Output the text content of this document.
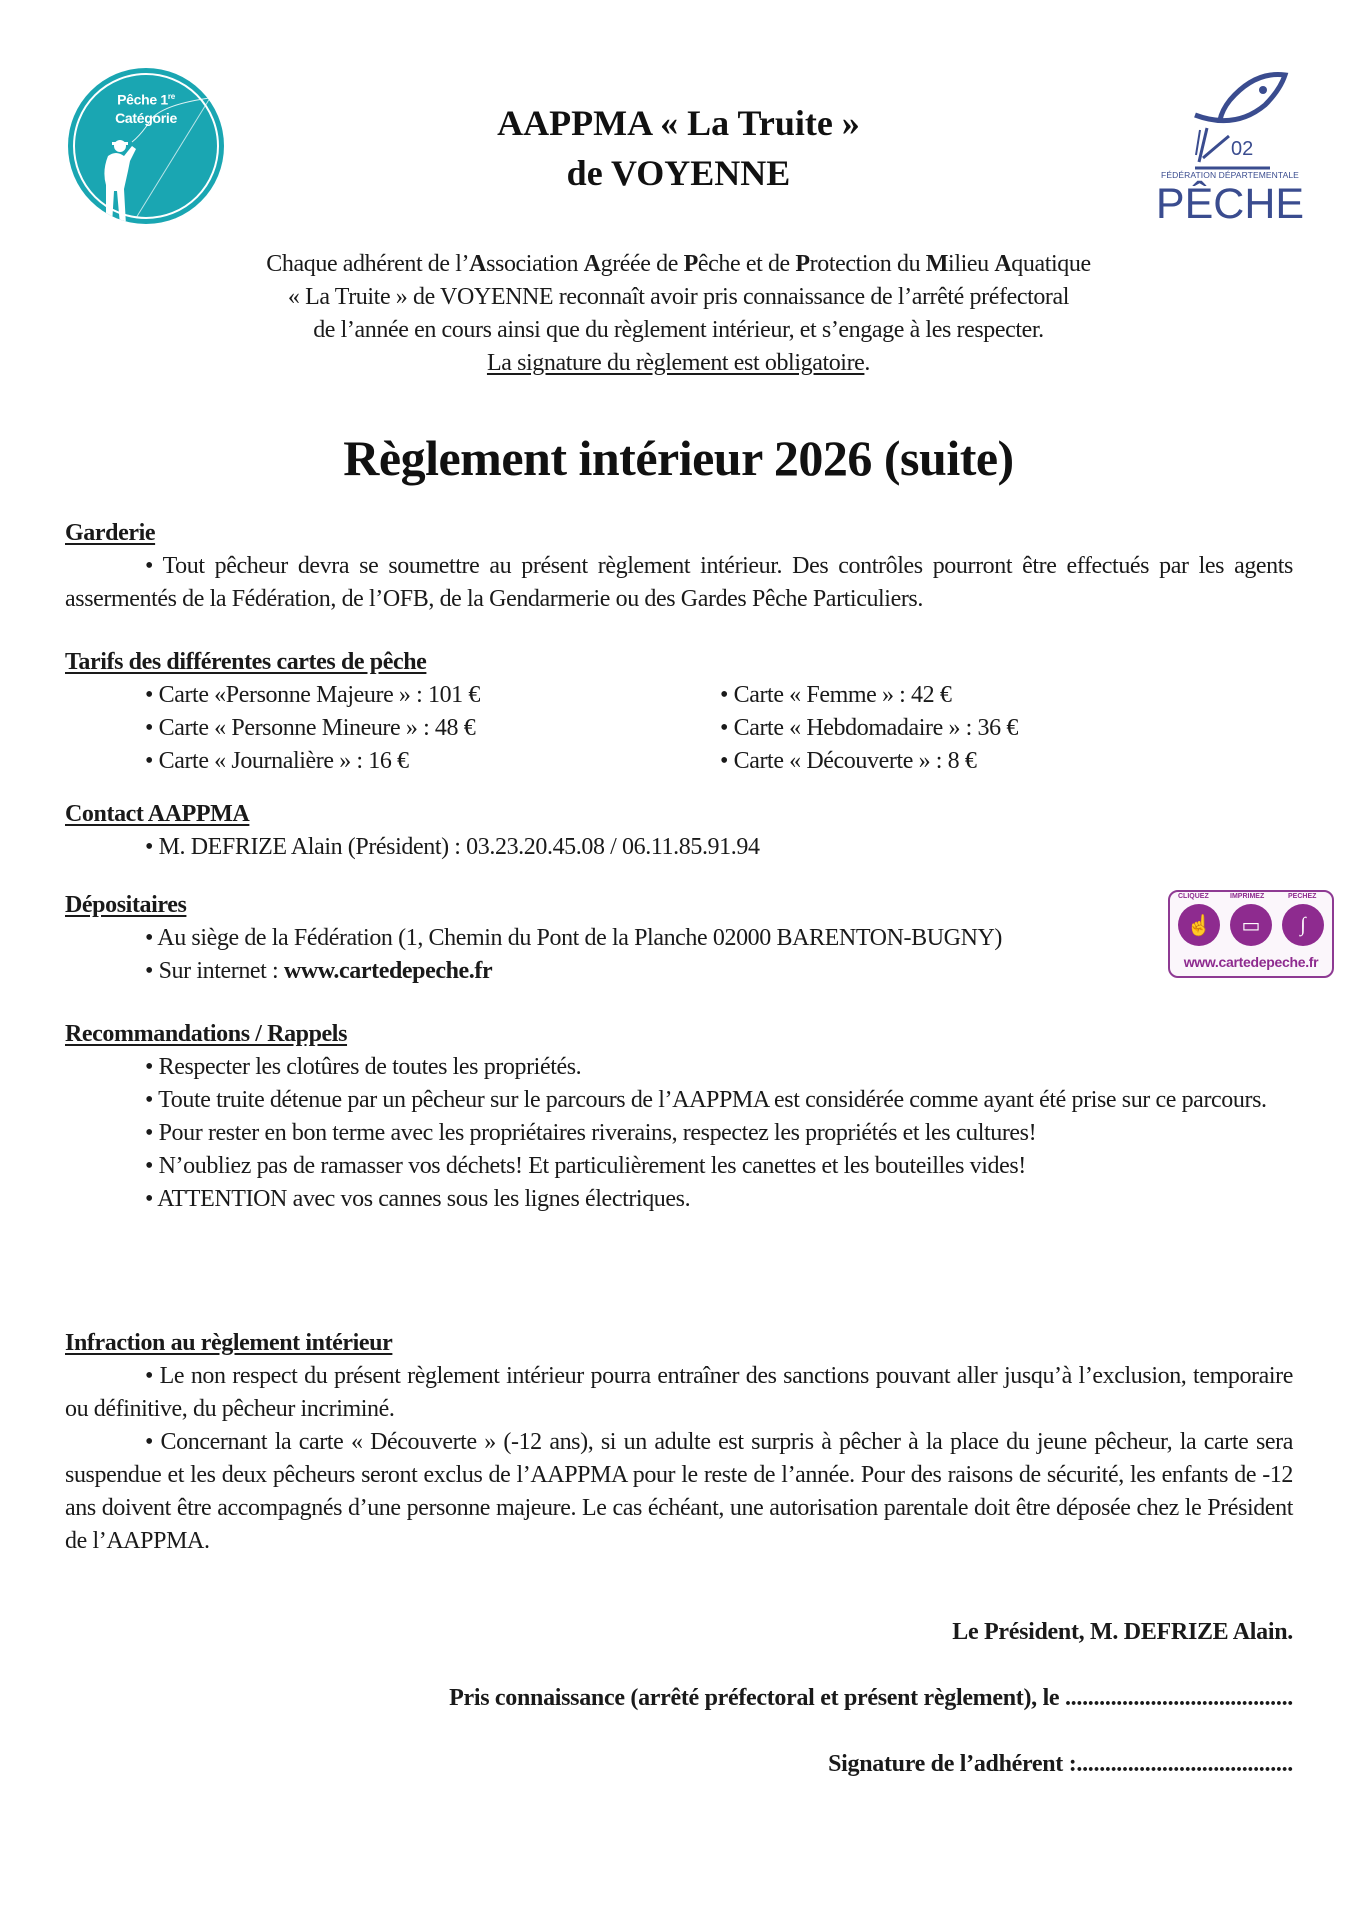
Pêche 1re
Catégorie
02
FÉDÉRATION DÉPARTEMENTALE
PÊCHE
AAPPMA « La Truite »
de VOYENNE
Chaque adhérent de l’Association Agréée de Pêche et de Protection du Milieu Aquatique
« La Truite » de VOYENNE reconnaît avoir pris connaissance de l’arrêté préfectoral
de l’année en cours ainsi que du règlement intérieur, et s’engage à les respecter.
La signature du règlement est obligatoire.
Règlement intérieur 2026 (suite)
Garderie
• Tout pêcheur devra se soumettre au présent règlement intérieur. Des contrôles pourront être effectués par les agents assermentés de la Fédération, de l’OFB, de la Gendarmerie ou des Gardes Pêche Particuliers.
Tarifs des différentes cartes de pêche
• Carte «Personne Majeure » : 101 €	• Carte « Femme » : 42 €
• Carte « Personne Mineure » : 48 €	• Carte « Hebdomadaire » : 36 €
• Carte « Journalière » : 16 €	• Carte « Découverte » : 8 €
Contact AAPPMA
• M. DEFRIZE Alain (Président) : 03.23.20.45.08 / 06.11.85.91.94
Dépositaires
• Au siège de la Fédération (1, Chemin du Pont de la Planche 02000 BARENTON-BUGNY)
• Sur internet : www.cartedepeche.fr
☝	▭	∫
CLIQUEZ	IMPRIMEZ	PECHEZ
www.cartedepeche.fr
Recommandations / Rappels
• Respecter les clotûres de toutes les propriétés.
• Toute truite détenue par un pêcheur sur le parcours de l’AAPPMA est considérée comme ayant été prise sur ce parcours.
• Pour rester en bon terme avec les propriétaires riverains, respectez les propriétés et les cultures!
• N’oubliez pas de ramasser vos déchets! Et particulièrement les canettes et les bouteilles vides!
• ATTENTION avec vos cannes sous les lignes électriques.
Infraction au règlement intérieur
• Le non respect du présent règlement intérieur pourra entraîner des sanctions pouvant aller jusqu’à l’exclusion, temporaire ou définitive, du pêcheur incriminé.
• Concernant la carte « Découverte » (-12 ans), si un adulte est surpris à pêcher à la place du jeune pêcheur, la carte sera suspendue et les deux pêcheurs seront exclus de l’AAPPMA pour le reste de l’année. Pour des raisons de sécurité, les enfants de -12 ans doivent être accompagnés d’une personne majeure. Le cas échéant, une autorisation parentale doit être déposée chez le Président de l’AAPPMA.
Le Président, M. DEFRIZE Alain.
Pris connaissance (arrêté préfectoral et présent règlement), le ........................................
Signature de l’adhérent :......................................
